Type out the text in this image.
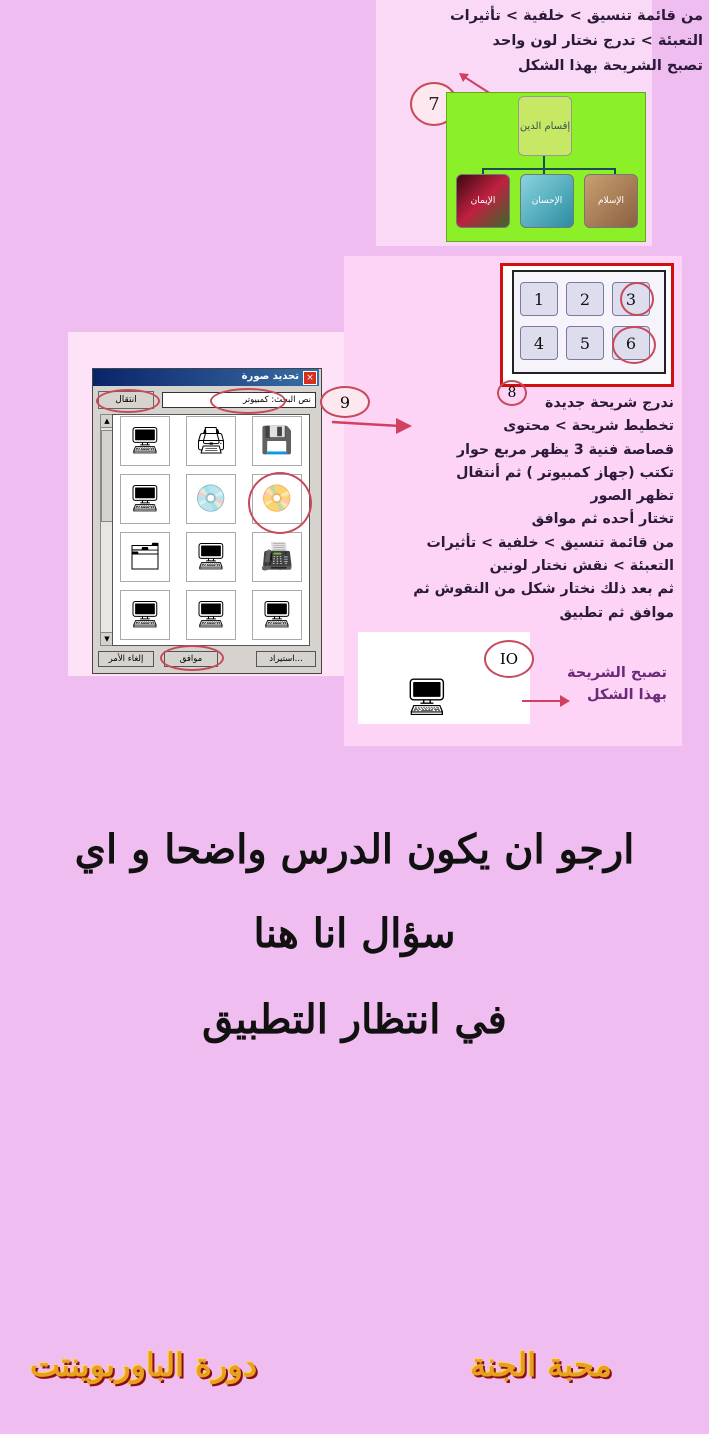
من قائمة تنسيق > خلفية > تأثيرات
التعبئة > تدرج نختار لون واحد
تصبح الشريحة بهذا الشكل
7
إقسام الدين
الإيمان	الإحسان	الإسلام
1	2	3
4	5	6
8
ندرج شريحة جديدة
تخطيط شريحة > محتوى
قصاصة فنية 3 يظهر مربع حوار
تكتب (جهاز كمبيوتر ) ثم أنتقال
تظهر الصور
تختار أحده ثم موافق
من قائمة تنسيق > خلفية > تأثيرات
التعبئة > نقش نختار لونين
ثم بعد ذلك نختار شكل من النقوش ثم
موافق ثم تطبيق
🖥
IO
تصبح الشريحة
بهذا الشكل
تحديد صورة ×
نص البحث: كمبيوتر
انتقال
▲
▼
🖥	🖨	💾
🖥	💿	📀
🗂	🖥	📠
🖥	🖥	🖥
إلغاء الأمر	موافق	استيراد...
9
ارجو ان يكون الدرس واضحا و اي
سؤال انا هنا
في انتظار التطبيق
محبة الجنة
دورة الباوربوينتت
